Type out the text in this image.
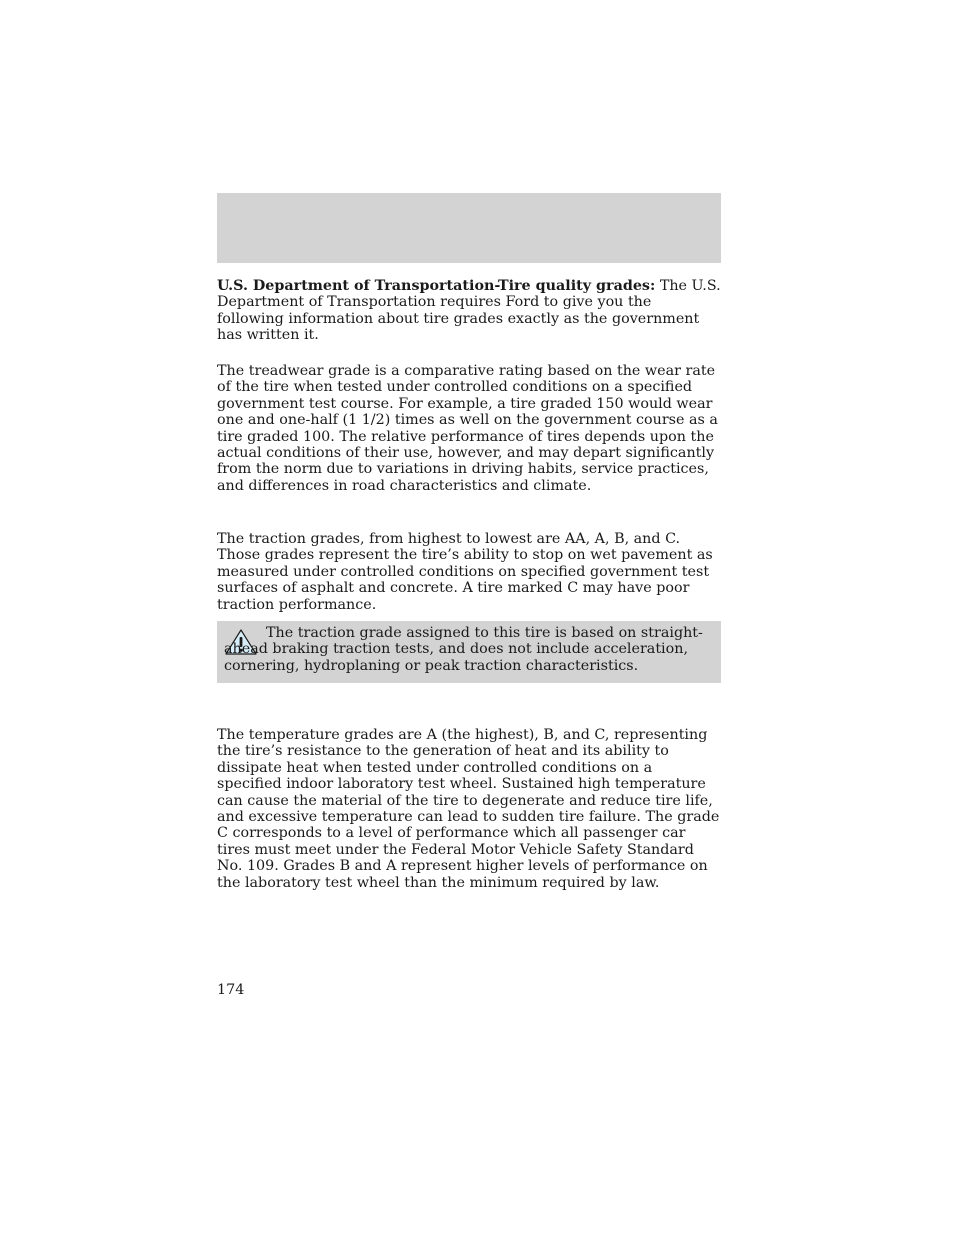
U.S. Department of Transportation-Tire quality grades: The U.S. Department of Transportation requires Ford to give you the following information about tire grades exactly as the government has written it.

The treadwear grade is a comparative rating based on the wear rate of the tire when tested under controlled conditions on a specified government test course. For example, a tire graded 150 would wear one and one-half (1 1/2) times as well on the government course as a tire graded 100. The relative performance of tires depends upon the actual conditions of their use, however, and may depart significantly from the norm due to variations in driving habits, service practices, and differences in road characteristics and climate.

The traction grades, from highest to lowest are AA, A, B, and C. Those grades represent the tire’s ability to stop on wet pavement as measured under controlled conditions on specified government test surfaces of asphalt and concrete. A tire marked C may have poor traction performance.

The traction grade assigned to this tire is based on straight-ahead braking traction tests, and does not include acceleration, cornering, hydroplaning or peak traction characteristics.

The temperature grades are A (the highest), B, and C, representing the tire’s resistance to the generation of heat and its ability to dissipate heat when tested under controlled conditions on a specified indoor laboratory test wheel. Sustained high temperature can cause the material of the tire to degenerate and reduce tire life, and excessive temperature can lead to sudden tire failure. The grade C corresponds to a level of performance which all passenger car tires must meet under the Federal Motor Vehicle Safety Standard No. 109. Grades B and A represent higher levels of performance on the laboratory test wheel than the minimum required by law.

174
